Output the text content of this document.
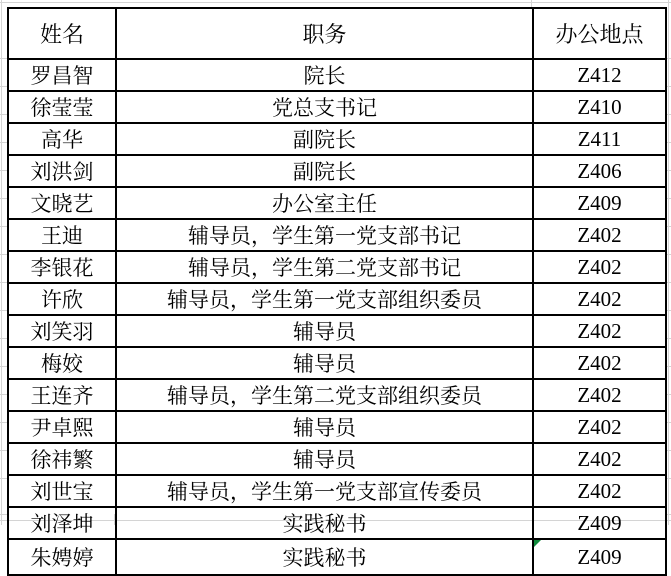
姓名	职务	办公地点
罗昌智	院长	Z412
徐莹莹	党总支书记	Z410
高华	副院长	Z411
刘洪剑	副院长	Z406
文晓艺	办公室主任	Z409
王迪	辅导员，学生第一党支部书记	Z402
李银花	辅导员，学生第二党支部书记	Z402
许欣	辅导员，学生第一党支部组织委员	Z402
刘笑羽	辅导员	Z402
梅姣	辅导员	Z402
王连齐	辅导员，学生第二党支部组织委员	Z402
尹卓熙	辅导员	Z402
徐祎繁	辅导员	Z402
刘世宝	辅导员，学生第一党支部宣传委员	Z402
刘泽坤	实践秘书	Z409
朱娉婷	实践秘书	Z409
